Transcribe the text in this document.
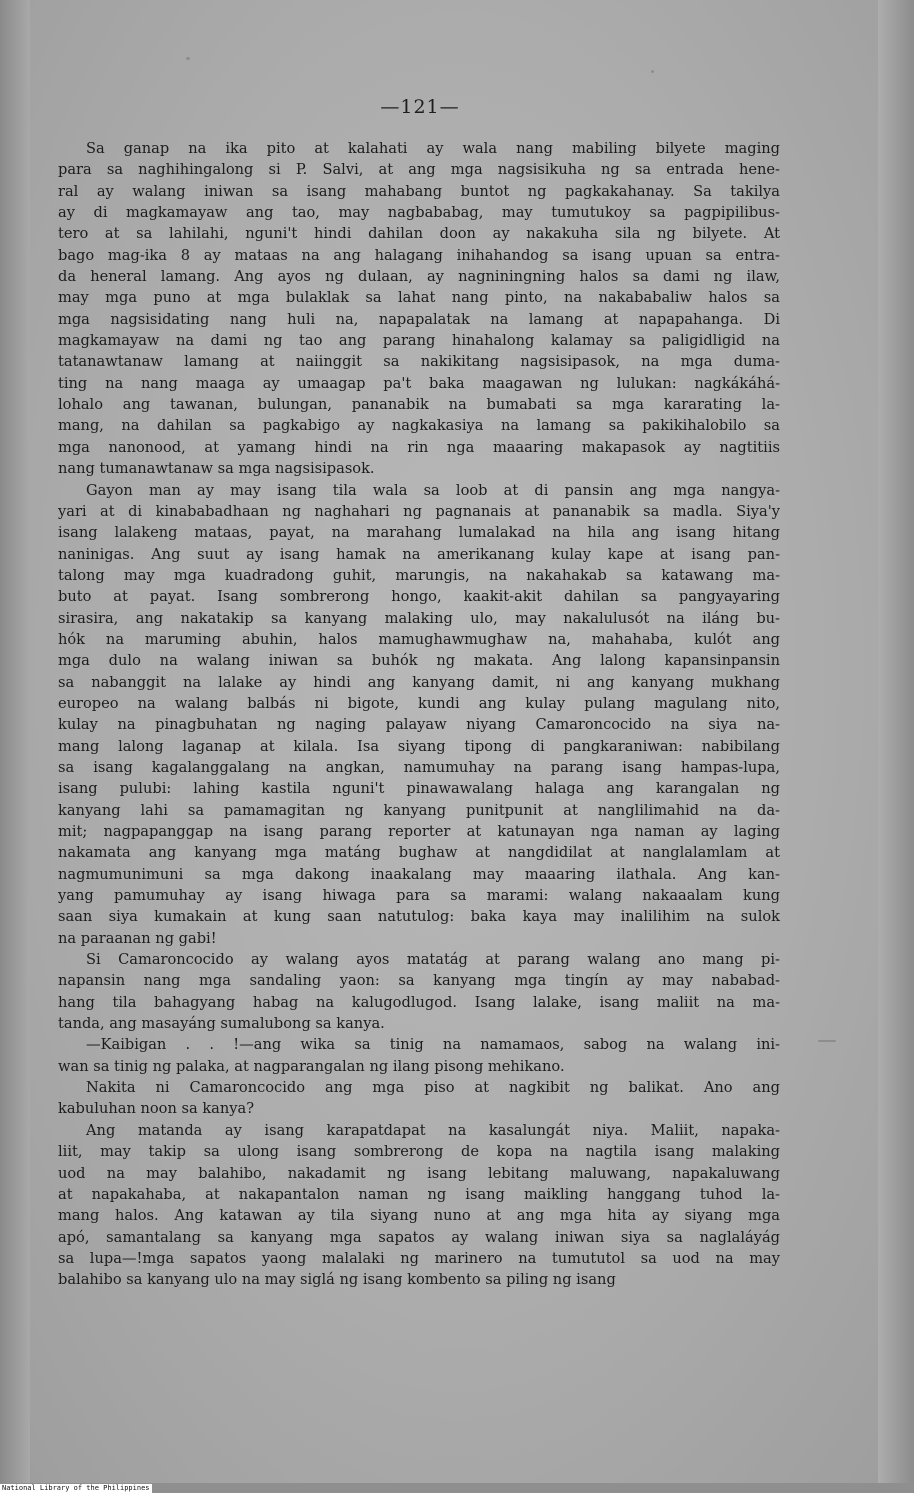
—121—
Sa ganap na ika pito at kalahati ay wala nang mabiling bilyete maging
para sa naghihingalong si P. Salvi, at ang mga nagsisikuha ng sa entrada hene-
ral ay walang iniwan sa isang mahabang buntot ng pagkakahanay. Sa takilya
ay di magkamayaw ang tao, may nagbababag, may tumutukoy sa pagpipilibus-
tero at sa lahilahi, nguni't hindi dahilan doon ay nakakuha sila ng bilyete. At
bago mag-ika 8 ay mataas na ang halagang inihahandog sa isang upuan sa entra-
da heneral lamang. Ang ayos ng dulaan, ay nagniningning halos sa dami ng ilaw,
may mga puno at mga bulaklak sa lahat nang pinto, na nakababaliw halos sa
mga nagsisidating nang huli na, napapalatak na lamang at napapahanga. Di
magkamayaw na dami ng tao ang parang hinahalong kalamay sa paligidligid na
tatanawtanaw lamang at naiinggit sa nakikitang nagsisipasok, na mga duma-
ting na nang maaga ay umaagap pa't baka maagawan ng lulukan: nagkákáhá-
lohalo ang tawanan, bulungan, pananabik na bumabati sa mga kararating la-
mang, na dahilan sa pagkabigo ay nagkakasiya na lamang sa pakikihalobilo sa
mga nanonood, at yamang hindi na rin nga maaaring makapasok ay nagtitiis
nang tumanawtanaw sa mga nagsisipasok.
Gayon man ay may isang tila wala sa loob at di pansin ang mga nangya-
yari at di kinababadhaan ng naghahari ng pagnanais at pananabik sa madla. Siya'y
isang lalakeng mataas, payat, na marahang lumalakad na hila ang isang hitang
naninigas. Ang suut ay isang hamak na amerikanang kulay kape at isang pan-
talong may mga kuadradong guhit, marungis, na nakahakab sa katawang ma-
buto at payat. Isang sombrerong hongo, kaakit-akit dahilan sa pangyayaring
sirasira, ang nakatakip sa kanyang malaking ulo, may nakalulusót na iláng bu-
hók na maruming abuhin, halos mamughawmughaw na, mahahaba, kulót ang
mga dulo na walang iniwan sa buhók ng makata. Ang lalong kapansinpansin
sa nabanggit na lalake ay hindi ang kanyang damit, ni ang kanyang mukhang
europeo na walang balbás ni bigote, kundi ang kulay pulang magulang nito,
kulay na pinagbuhatan ng naging palayaw niyang Camaroncocido na siya na-
mang lalong laganap at kilala. Isa siyang tipong di pangkaraniwan: nabibilang
sa isang kagalanggalang na angkan, namumuhay na parang isang hampas-lupa,
isang pulubi: lahing kastila nguni't pinawawalang halaga ang karangalan ng
kanyang lahi sa pamamagitan ng kanyang punitpunit at nanglilimahid na da-
mit; nagpapanggap na isang parang reporter at katunayan nga naman ay laging
nakamata ang kanyang mga matáng bughaw at nangdidilat at nanglalamlam at
nagmumunimuni sa mga dakong inaakalang may maaaring ilathala. Ang kan-
yang pamumuhay ay isang hiwaga para sa marami: walang nakaaalam kung
saan siya kumakain at kung saan natutulog: baka kaya may inalilihim na sulok
na paraanan ng gabi!
Si Camaroncocido ay walang ayos matatág at parang walang ano mang pi-
napansin nang mga sandaling yaon: sa kanyang mga tingín ay may nababad-
hang tila bahagyang habag na kalugodlugod. Isang lalake, isang maliit na ma-
tanda, ang masayáng sumalubong sa kanya.
—Kaibigan . . !—ang wika sa tinig na namamaos, sabog na walang ini-
wan sa tinig ng palaka, at nagparangalan ng ilang pisong mehikano.
Nakita ni Camaroncocido ang mga piso at nagkibit ng balikat. Ano ang
kabuluhan noon sa kanya?
Ang matanda ay isang karapatdapat na kasalungát niya. Maliit, napaka-
liit, may takip sa ulong isang sombrerong de kopa na nagtila isang malaking
uod na may balahibo, nakadamit ng isang lebitang maluwang, napakaluwang
at napakahaba, at nakapantalon naman ng isang maikling hanggang tuhod la-
mang halos. Ang katawan ay tila siyang nuno at ang mga hita ay siyang mga
apó, samantalang sa kanyang mga sapatos ay walang iniwan siya sa naglaláyág
sa lupa—!mga sapatos yaong malalaki ng marinero na tumututol sa uod na may
balahibo sa kanyang ulo na may siglá ng isang kombento sa piling ng isang
National Library of the Philippines
